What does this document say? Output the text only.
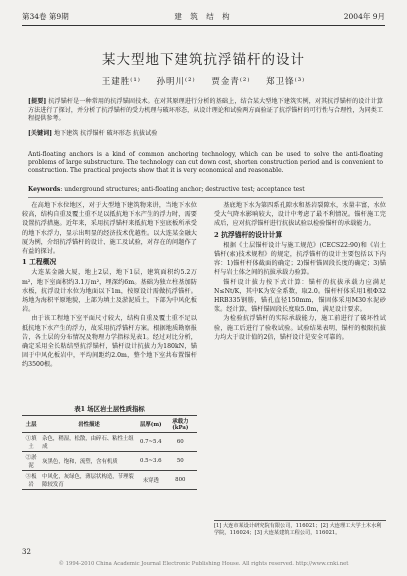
第34卷 第9期	建 筑 结 构	2004年 9月
某大型地下建筑抗浮锚杆的设计
王建胜⁽¹⁾ 孙明川⁽²⁾ 贾金青⁽²⁾ 郑卫锋⁽³⁾
[提要] 抗浮锚杆是一种常用的抗浮锚固技术。在对其原理进行分析的基础上，结合某大型地下建筑实例，对其抗浮锚杆的设计计算方法进行了探讨，并分析了抗浮锚杆的受力机理与破坏形态，从设计理论和试验两方面验证了抗浮锚杆的可行性与合理性，为同类工程提供参考。
[关键词] 地下建筑 抗浮锚杆 破坏形态 抗拔试验
Anti-floating anchors is a kind of common anchoring technology, which can be used to solve the anti-floating problems of large substructure. The technology can cut down cost, shorten construction period and is convenient to construction. The practical projects show that it is very economical and reasonable.
Keywords: underground structures; anti-floating anchor; destructive test; acceptance test

在高地下水位地区，对于大型地下建筑物来讲，当地下水位较高，结构自重及覆土重不足以抵抗地下水产生的浮力时，需要设置抗浮措施。近年来，采用抗浮锚杆来抵抗地下室底板所承受的地下水浮力，显示出明显的经济技术优越性。以大连某金融大厦为例，介绍抗浮锚杆的设计、施工及试验，对存在的问题作了有益的探讨。

1 工程概况

大连某金融大厦，地上2层，地下1层，建筑面积约5.2万m²，地下室面积约3.1万m²，埋深约6m。基础为独立柱基加防水板，抗浮设计水位为地面以下1m，按原设计需做抗浮锚杆。场地为海积平原地貌，上部为填土及淤泥质土，下部为中风化板岩。

由于该工程地下室平面尺寸较大，结构自重及覆土重不足以抵抗地下水产生的浮力，故采用抗浮锚杆方案。根据地质勘察报告，各土层的分布情况及物理力学指标见表1。经过对比分析，确定采用全长粘结型抗浮锚杆，锚杆设计抗拔力为180kN，锚固于中风化板岩中，平均间距约2.0m，整个地下室共布置锚杆约3500根。

表1 场区岩土层性质指标
土层	岩性描述	层厚(m)	承载力(kPa)
①填土	杂色，稍湿，松散，由碎石、粘性土组成	0.7~5.4	60
②淤泥	灰黑色，饱和，流塑，含有机质	0.5~3.6	50
③板岩	中风化，灰绿色，薄层状构造，节理裂隙较发育	未穿透	800

基底地下水为第四系孔隙水和基岩裂隙水，水量丰富，水位受大气降水影响较大，设计中考虑了最不利情况。锚杆施工完成后，应对抗浮锚杆进行抗拔试验以检验锚杆的承载能力。

2 抗浮锚杆的设计计算

根据《土层锚杆设计与施工规范》(CECS22:90)和《岩土锚杆(索)技术规程》的规定，抗浮锚杆的设计主要包括以下内容：1)锚杆杆体截面的确定；2)锚杆锚固段长度的确定；3)锚杆与岩土体之间的抗拔承载力验算。

锚杆设计拔力按下式计算：锚杆的抗拔承载力应满足N≤Nt/K，其中K为安全系数，取2.0。锚杆杆体采用1根Φ32 HRB335钢筋，锚孔直径150mm，锚固体采用M30水泥砂浆。经计算，锚杆锚固段长度取5.0m，满足设计要求。

为检验抗浮锚杆的实际承载能力，施工前进行了破坏性试验，施工后进行了验收试验。试验结果表明，锚杆的极限抗拔力均大于设计值的2倍，锚杆设计是安全可靠的。

[1] 大连市某设计研究院有限公司，116021；[2] 大连理工大学土木水利学院，116024；[3] 大连某建筑工程公司，116021。
32
© 1994-2010 China Academic Journal Electronic Publishing House. All rights reserved. http://www.cnki.net
